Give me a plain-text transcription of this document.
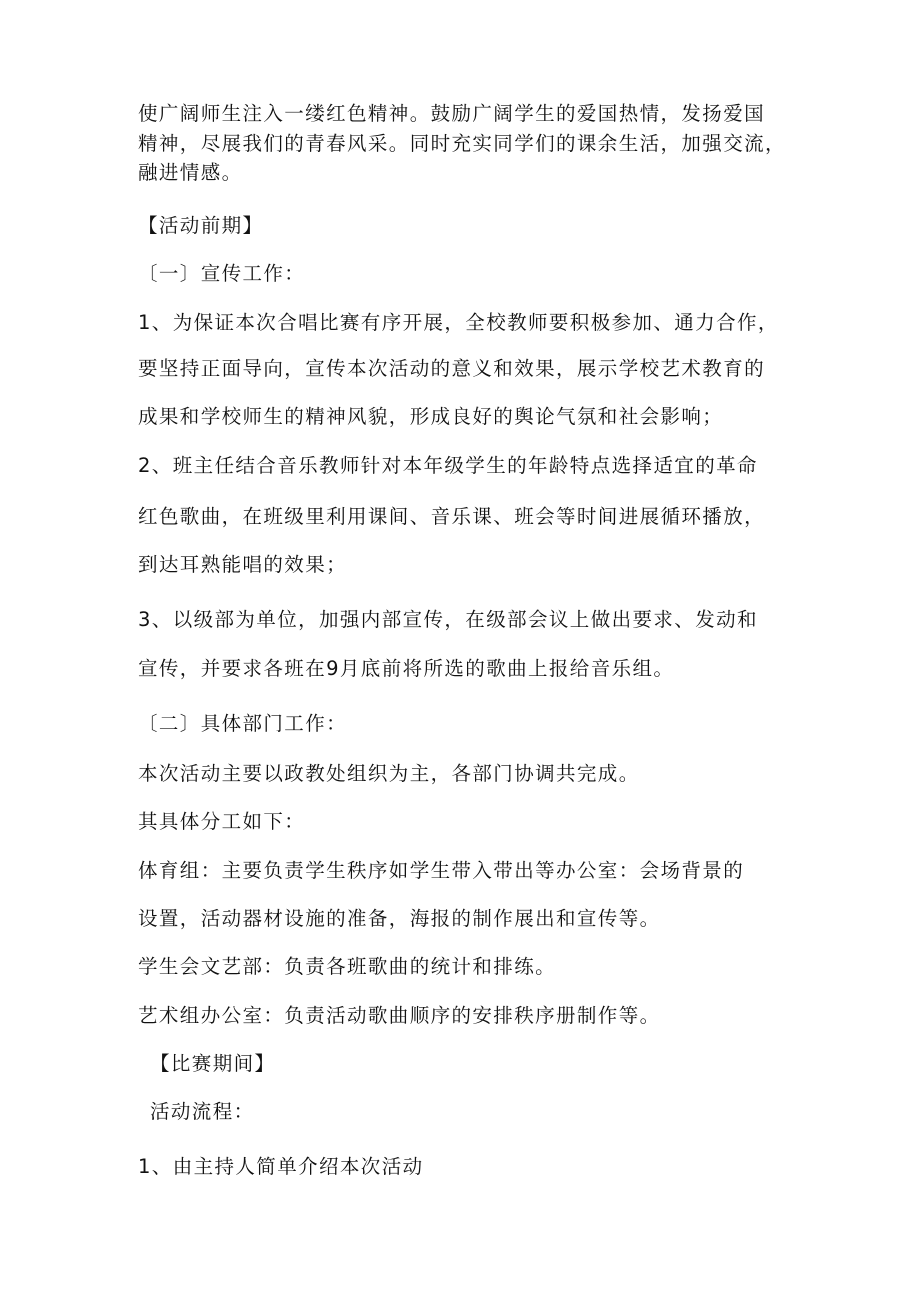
使广阔师生注入一缕红色精神。鼓励广阔学生的爱国热情，发扬爱国
精神，尽展我们的青春风采。同时充实同学们的课余生活，加强交流，
融进情感。
【活动前期】
〔一〕宣传工作：
1、为保证本次合唱比赛有序开展，全校教师要积极参加、通力合作，
要坚持正面导向，宣传本次活动的意义和效果，展示学校艺术教育的
成果和学校师生的精神风貌，形成良好的舆论气氛和社会影响；
2、班主任结合音乐教师针对本年级学生的年龄特点选择适宜的革命
红色歌曲，在班级里利用课间、音乐课、班会等时间进展循环播放，
到达耳熟能唱的效果；
3、以级部为单位，加强内部宣传，在级部会议上做出要求、发动和
宣传，并要求各班在9月底前将所选的歌曲上报给音乐组。
〔二〕具体部门工作：
本次活动主要以政教处组织为主，各部门协调共完成。
其具体分工如下：
体育组：主要负责学生秩序如学生带入带出等办公室：会场背景的
设置，活动器材设施的准备，海报的制作展出和宣传等。
学生会文艺部：负责各班歌曲的统计和排练。
艺术组办公室：负责活动歌曲顺序的安排秩序册制作等。
【比赛期间】
活动流程：
1、由主持人简单介绍本次活动
